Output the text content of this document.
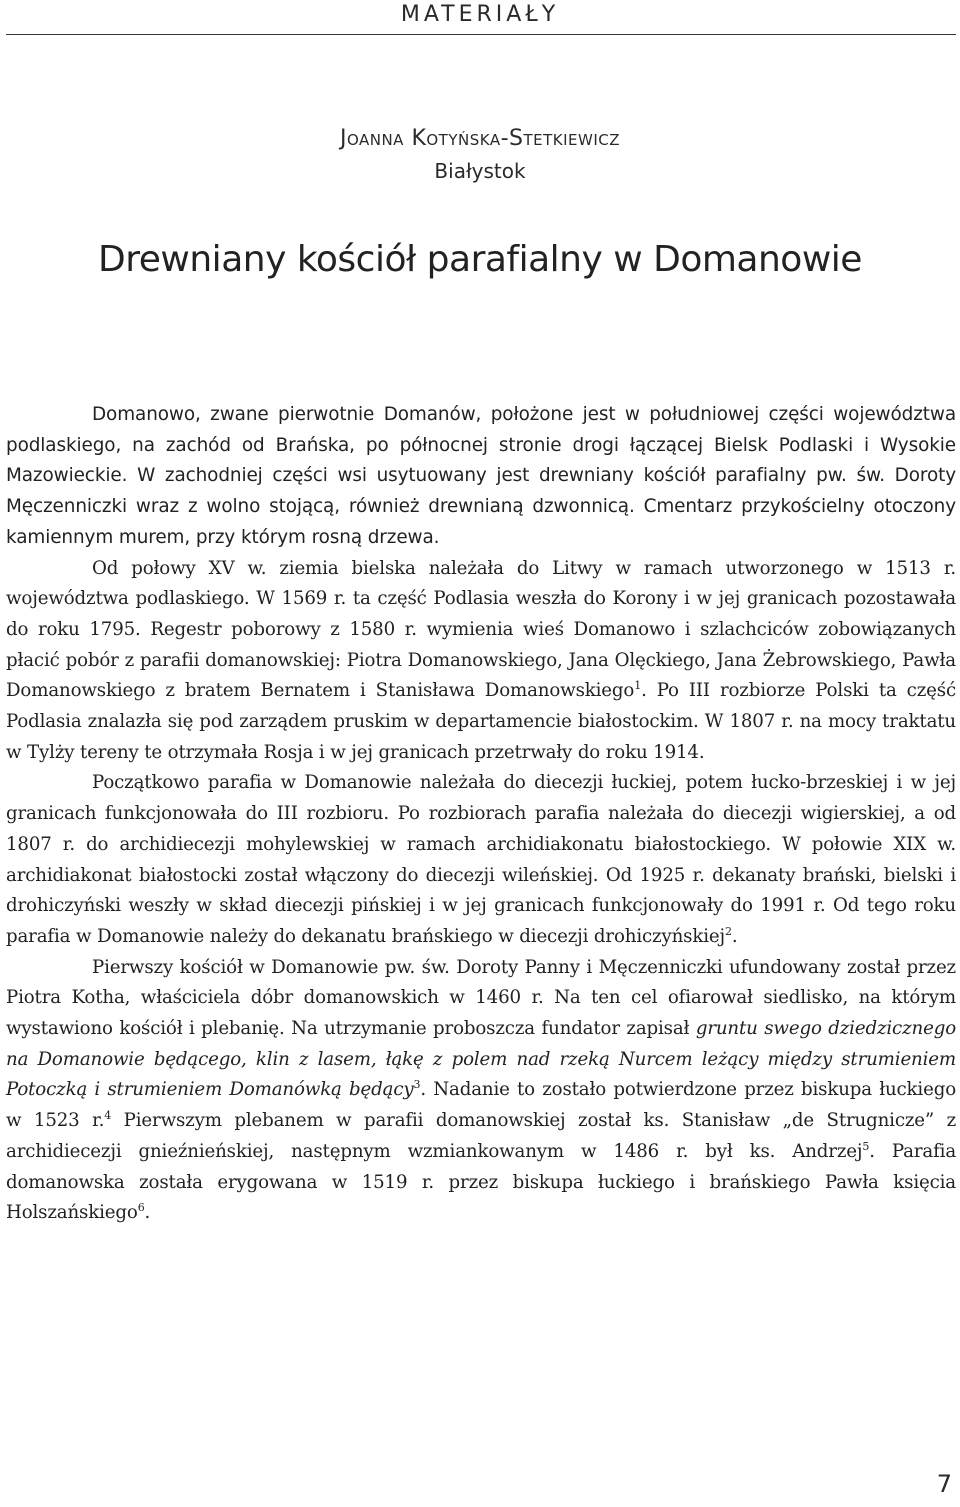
MATERIAŁY
Joanna Kotyńska-Stetkiewicz
Białystok
Drewniany kościół parafialny w Domanowie

Domanowo, zwane pierwotnie Domanów, położone jest w południowej części województwa podlaskiego, na zachód od Brańska, po północnej stronie drogi łączącej Bielsk Podlaski i Wysokie Mazowieckie. W zachodniej części wsi usytuowany jest drewniany kościół parafialny pw. św. Doroty Męczenniczki wraz z wolno stojącą, również drewnianą dzwonnicą. Cmentarz przykościelny otoczony kamiennym murem, przy którym rosną drzewa.

Od połowy XV w. ziemia bielska należała do Litwy w ramach utworzonego w 1513 r. województwa podlaskiego. W 1569 r. ta część Podlasia weszła do Korony i w jej granicach pozostawała do roku 1795. Regestr poborowy z 1580 r. wymienia wieś Domanowo i szlachciców zobowiązanych płacić pobór z parafii domanowskiej: Piotra Domanowskiego, Jana Olęckiego, Jana Żebrowskiego, Pawła Domanowskiego z bratem Bernatem i Stanisława Domanowskiego$^1$. Po III rozbiorze Polski ta część Podlasia znalazła się pod zarządem pruskim w departamencie białostockim. W 1807 r. na mocy traktatu w Tylży tereny te otrzymała Rosja i w jej granicach przetrwały do roku 1914.

Początkowo parafia w Domanowie należała do diecezji łuckiej, potem łucko-brzeskiej i w jej granicach funkcjonowała do III rozbioru. Po rozbiorach parafia należała do diecezji wigierskiej, a od 1807 r. do archidiecezji mohylewskiej w ramach archidiakonatu białostockiego. W połowie XIX w. archidiakonat białostocki został włączony do diecezji wileńskiej. Od 1925 r. dekanaty brański, bielski i drohiczyński weszły w skład diecezji pińskiej i w jej granicach funkcjonowały do 1991 r. Od tego roku parafia w Domanowie należy do dekanatu brańskiego w diecezji drohiczyńskiej$^2$.

Pierwszy kościół w Domanowie pw. św. Doroty Panny i Męczenniczki ufundowany został przez Piotra Kotha, właściciela dóbr domanowskich w 1460 r. Na ten cel ofiarował siedlisko, na którym wystawiono kościół i plebanię. Na utrzymanie proboszcza fundator zapisał gruntu swego dziedzicznego na Domanowie będącego, klin z lasem, łąkę z polem nad rzeką Nurcem leżący między strumieniem Potoczką i strumieniem Domanówką będący$^3$. Nadanie to zostało potwierdzone przez biskupa łuckiego w 1523 r.$^4$ Pierwszym plebanem w parafii domanowskiej został ks. Stanisław „de Strugnicze” z archidiecezji gnieźnieńskiej, następnym wzmiankowanym w 1486 r. był ks. Andrzej$^5$. Parafia domanowska została erygowana w 1519 r. przez biskupa łuckiego i brańskiego Pawła księcia Holszańskiego$^6$.

7
